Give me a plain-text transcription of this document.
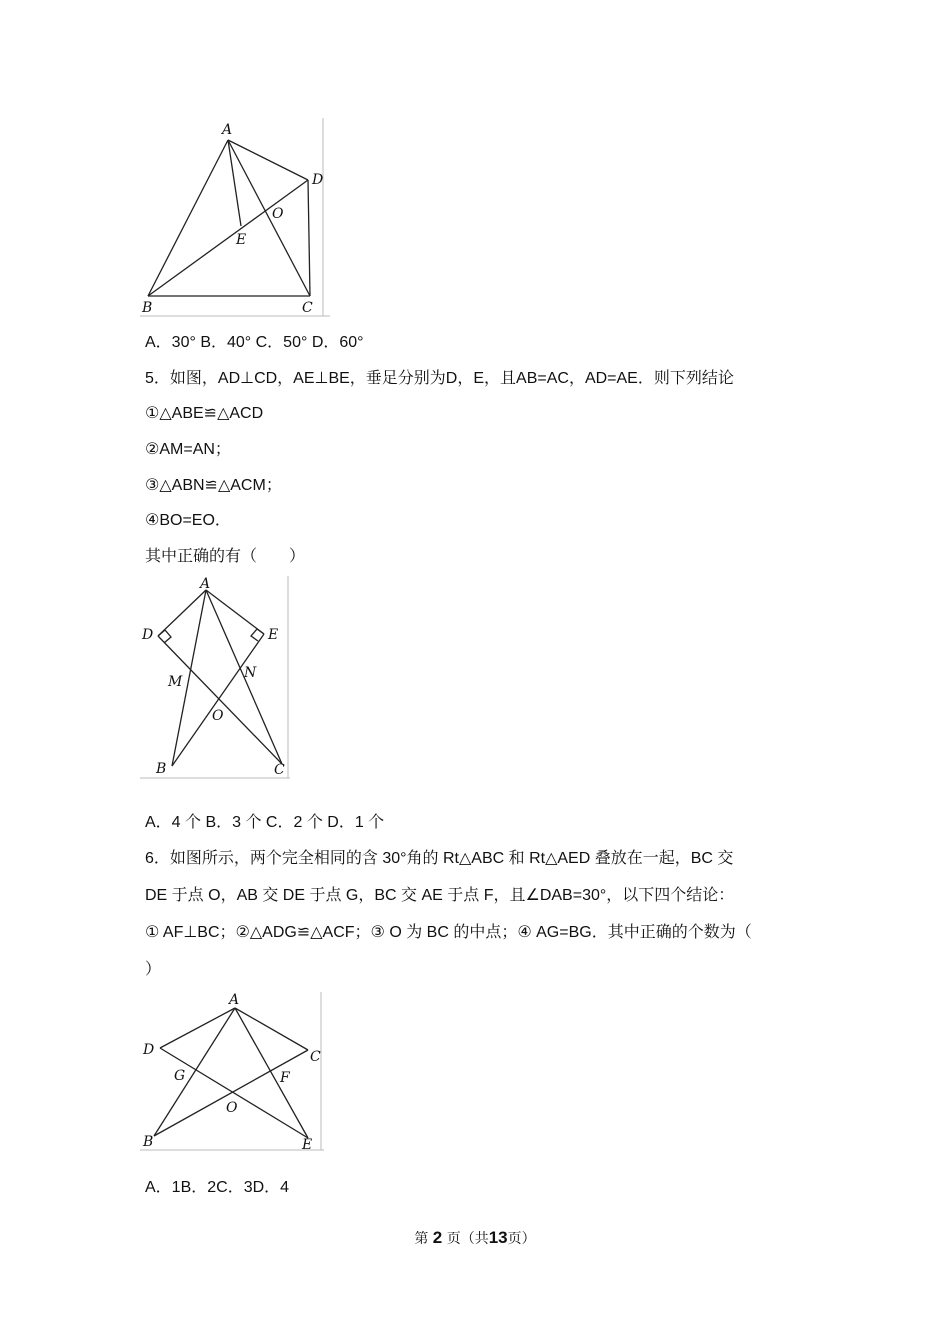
A
B	C
D
E
O
A．30° B．40° C．50° D．60°
5．如图，AD⊥CD，AE⊥BE，垂足分别为D，E，且AB=AC，AD=AE．则下列结论
①△ABE≌△ACD
②AM=AN；
③△ABN≌△ACM；
④BO=EO．
其中正确的有（　　）
A
D	E
M
N
O
B	C
A．4 个 B．3 个 C．2 个 D．1 个
6．如图所示，两个完全相同的含 30°角的 Rt△ABC 和 Rt△AED 叠放在一起，BC 交
DE 于点 O，AB 交 DE 于点 G，BC 交 AE 于点 F，且∠DAB=30°，以下四个结论：
① AF⊥BC；②△ADG≌△ACF；③ O 为 BC 的中点；④ AG=BG．其中正确的个数为（
）
A
D	C
G	F
O
B	E
A．1B．2C．3D．4
第 2 页（共13页）
